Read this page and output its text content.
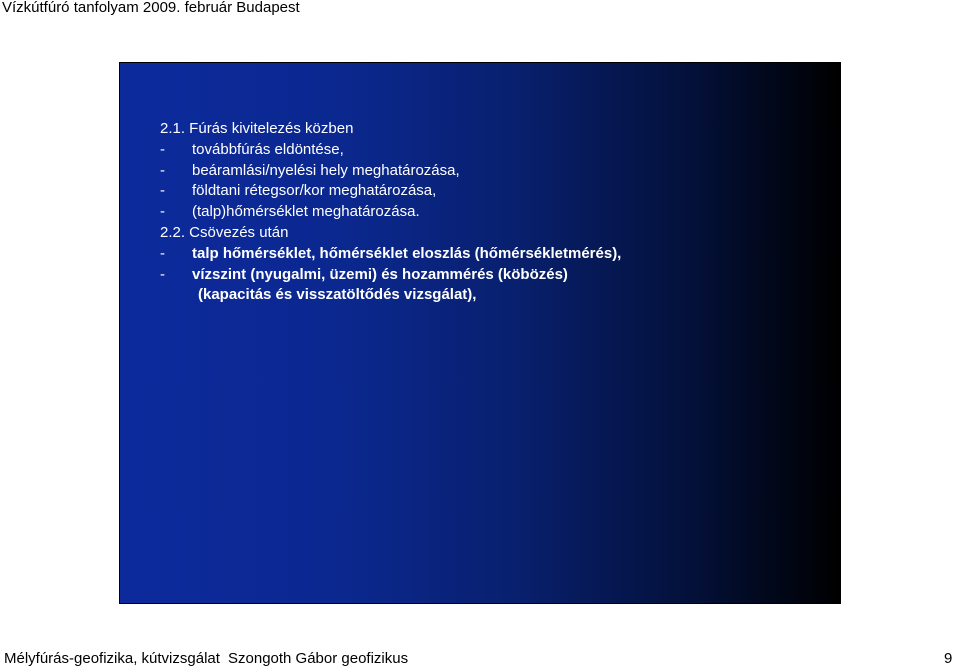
Vízkútfúró tanfolyam 2009. február Budapest
2.1. Fúrás kivitelezés közben
- továbbfúrás eldöntése,
- beáramlási/nyelési hely meghatározása,
- földtani rétegsor/kor meghatározása,
- (talp)hőmérséklet meghatározása.
2.2. Csövezés után
- talp hőmérséklet, hőmérséklet eloszlás (hőmérsékletmérés),
- vízszint (nyugalmi, üzemi) és hozammérés (köbözés)
(kapacitás és visszatöltődés vizsgálat),
Mélyfúrás-geofizika, kútvizsgálat Szongoth Gábor geofizikus	9
